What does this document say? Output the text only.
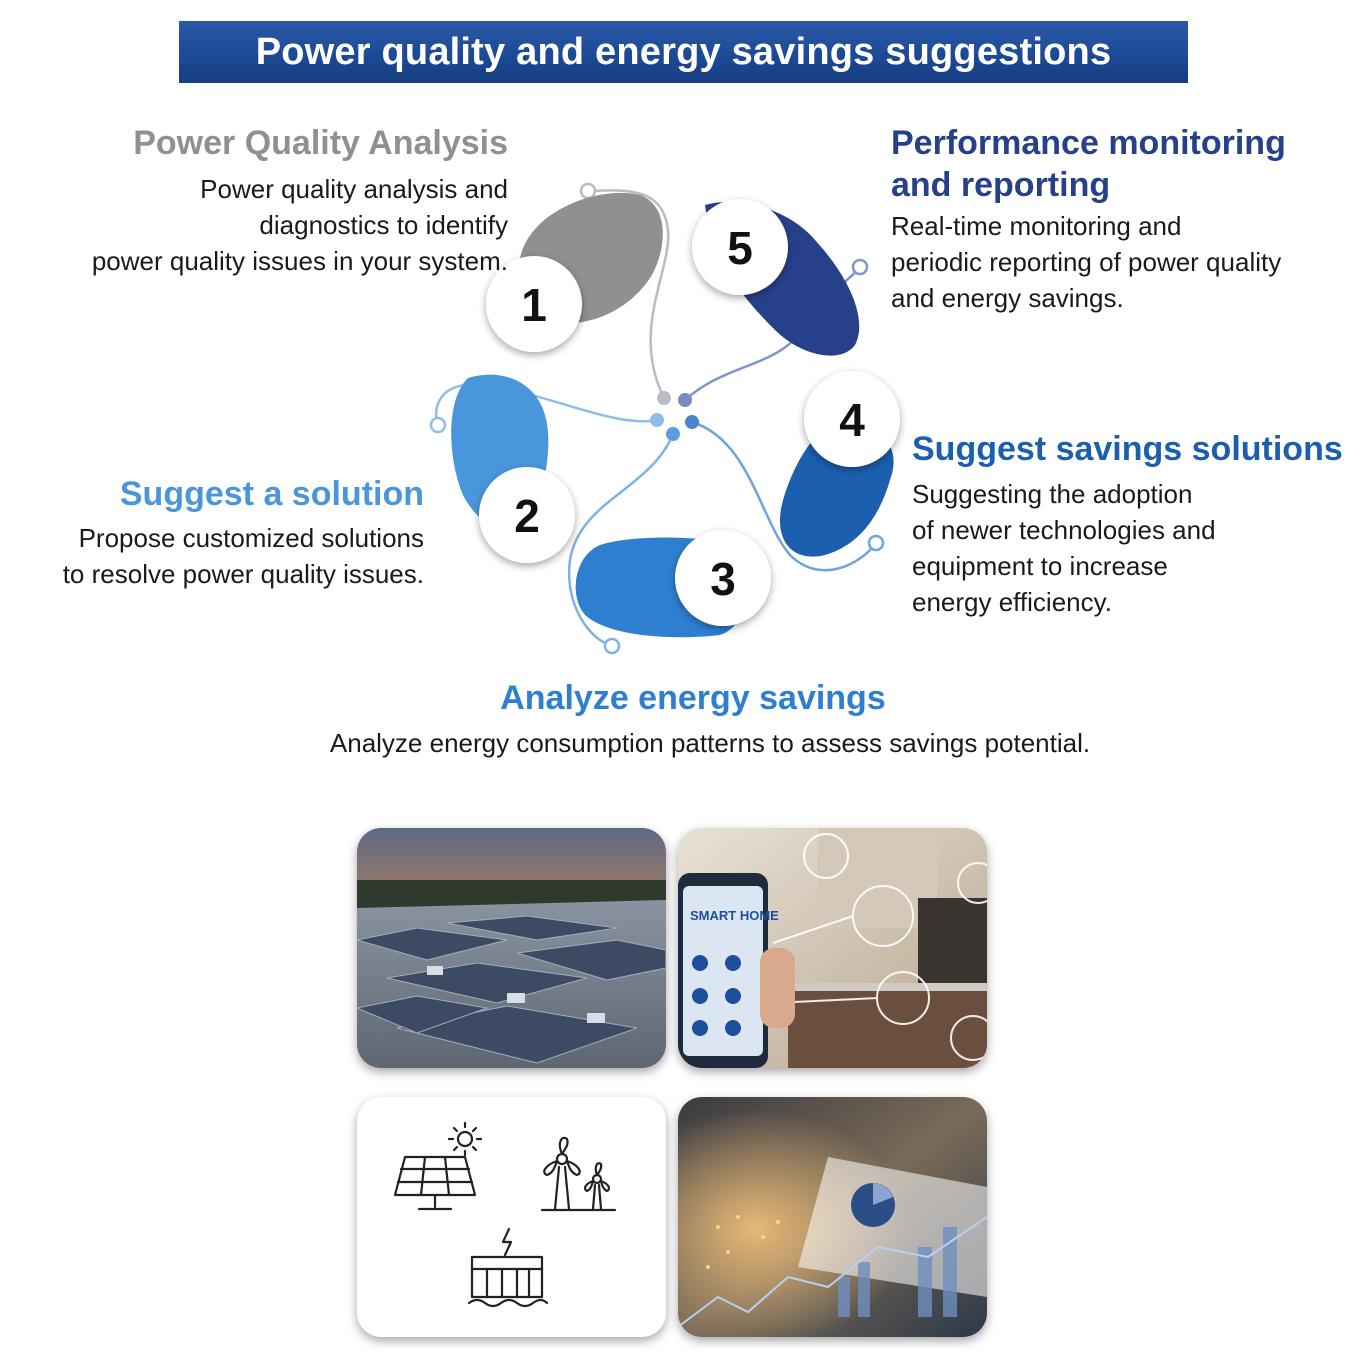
Power quality and energy savings suggestions
1
2
3
4
5
Power Quality Analysis
Power quality analysis and
diagnostics to identify
power quality issues in your system.
Performance monitoring
and reporting
Real-time monitoring and
periodic reporting of power quality
and energy savings.
Suggest a solution
Propose customized solutions
to resolve power quality issues.
Suggest savings solutions
Suggesting the adoption
of newer technologies and
equipment to increase
energy efficiency.
Analyze energy savings
Analyze energy consumption patterns to assess savings potential.
SMART HOME
